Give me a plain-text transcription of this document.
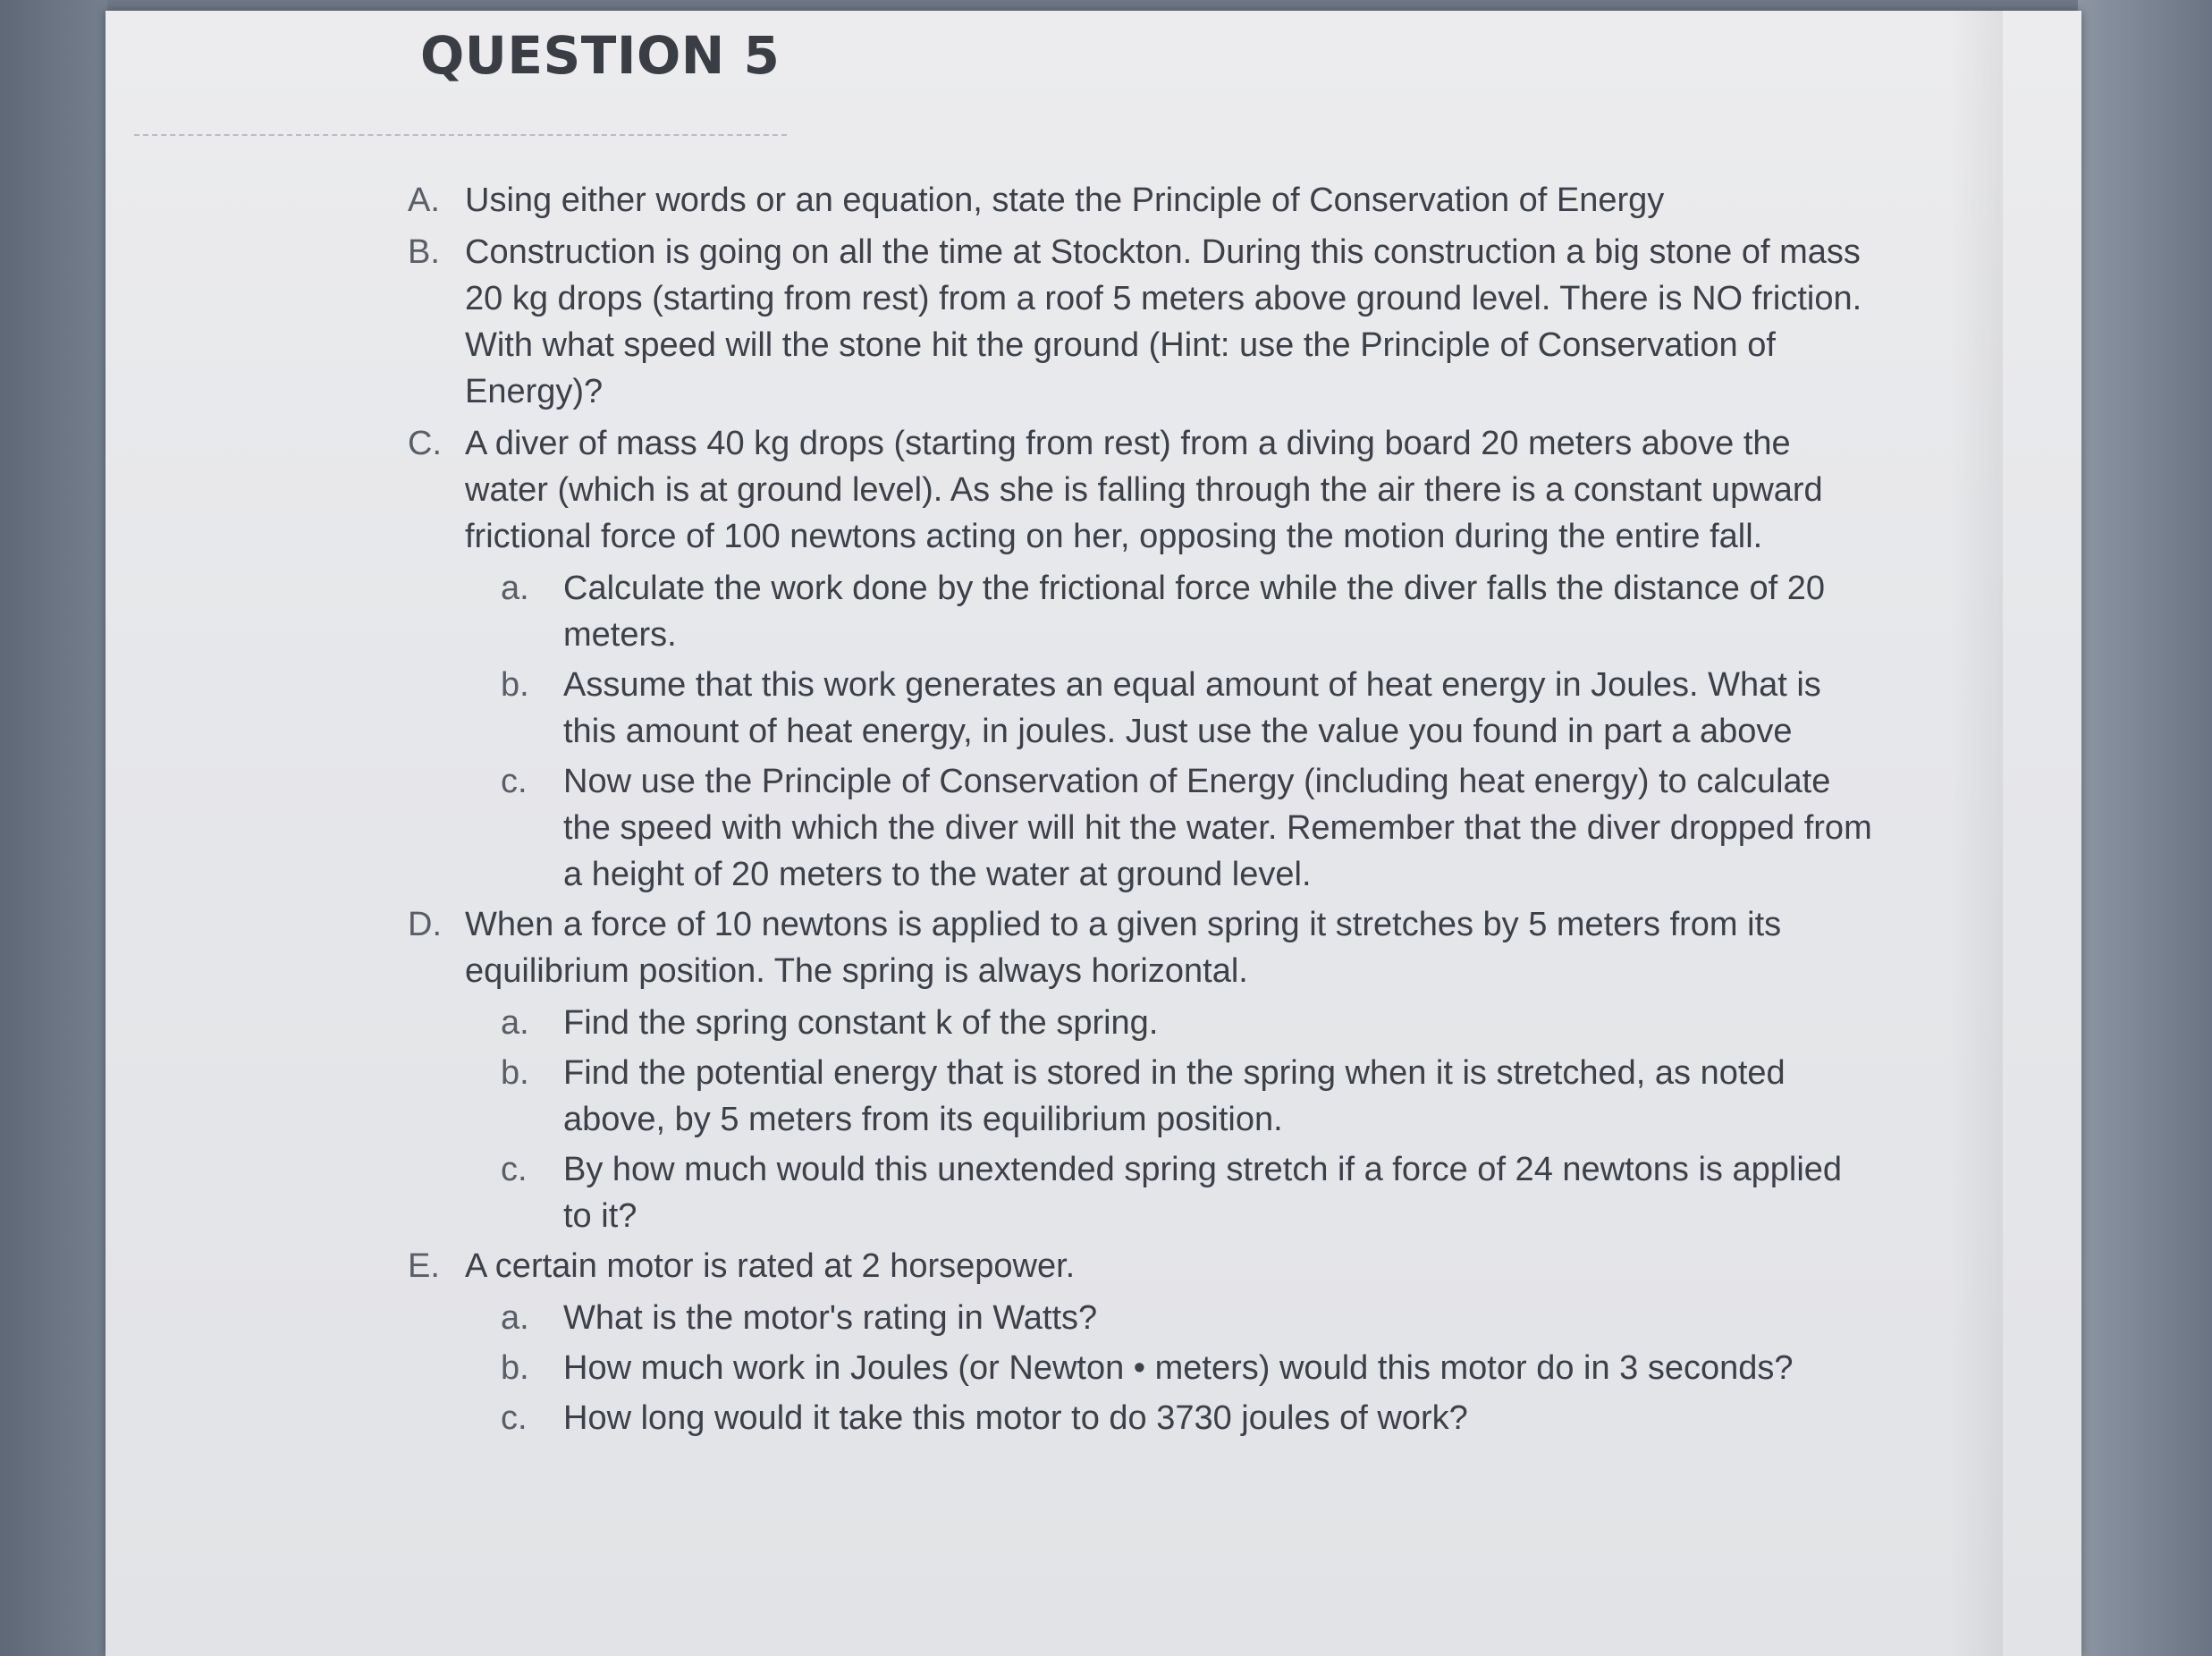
QUESTION 5
A. Using either words or an equation, state the Principle of Conservation of Energy
B. Construction is going on all the time at Stockton. During this construction a big stone of mass 20 kg drops (starting from rest) from a roof 5 meters above ground level. There is NO friction. With what speed will the stone hit the ground (Hint: use the Principle of Conservation of Energy)?
C. A diver of mass 40 kg drops (starting from rest) from a diving board 20 meters above the water (which is at ground level). As she is falling through the air there is a constant upward frictional force of 100 newtons acting on her, opposing the motion during the entire fall.
a. Calculate the work done by the frictional force while the diver falls the distance of 20 meters.
b. Assume that this work generates an equal amount of heat energy in Joules. What is this amount of heat energy, in joules. Just use the value you found in part a above
c. Now use the Principle of Conservation of Energy (including heat energy) to calculate the speed with which the diver will hit the water. Remember that the diver dropped from a height of 20 meters to the water at ground level.
D. When a force of 10 newtons is applied to a given spring it stretches by 5 meters from its equilibrium position. The spring is always horizontal.
a. Find the spring constant k of the spring.
b. Find the potential energy that is stored in the spring when it is stretched, as noted above, by 5 meters from its equilibrium position.
c. By how much would this unextended spring stretch if a force of 24 newtons is applied to it?
E. A certain motor is rated at 2 horsepower.
a. What is the motor's rating in Watts?
b. How much work in Joules (or Newton • meters) would this motor do in 3 seconds?
c. How long would it take this motor to do 3730 joules of work?
